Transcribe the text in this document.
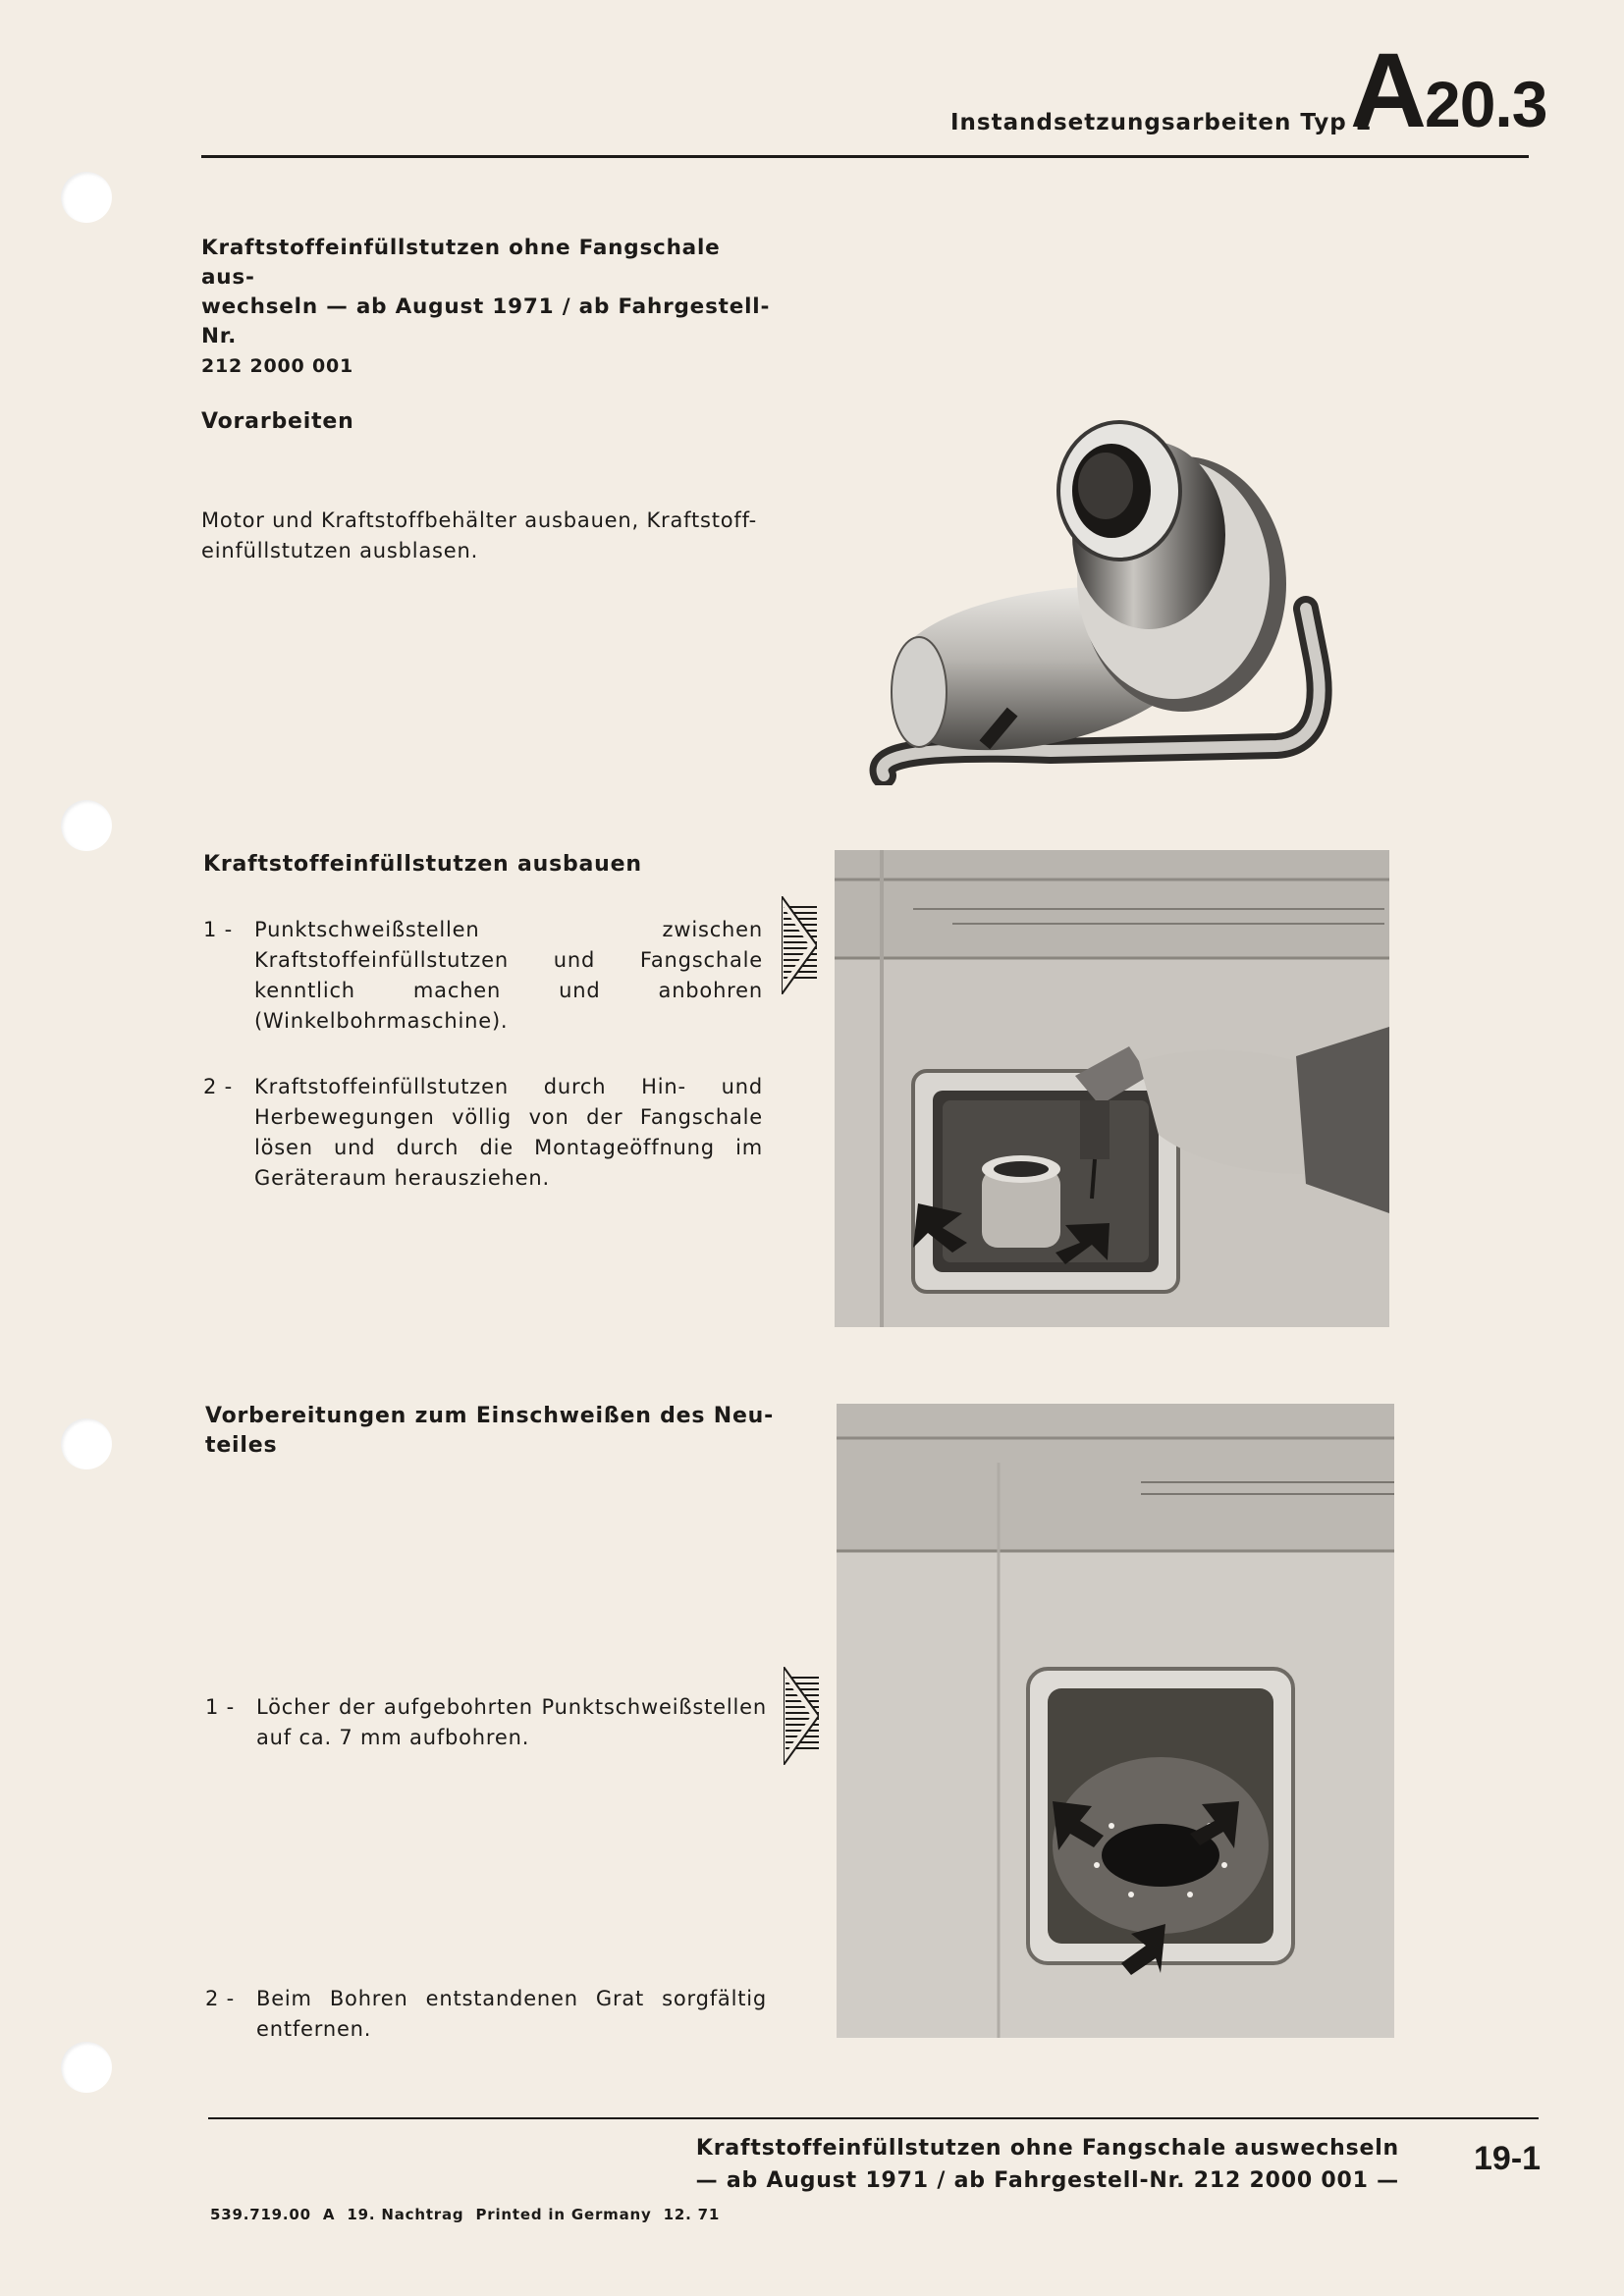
Instandsetzungsarbeiten Typ 2
A20.3
Kraftstoffeinfüllstutzen ohne Fangschale aus-
wechseln — ab August 1971 / ab Fahrgestell-Nr.
212 2000 001
Vorarbeiten
Motor und Kraftstoffbehälter ausbauen, Kraftstoff-
einfüllstutzen ausblasen.
Kraftstoffeinfüllstutzen ausbauen
1 -	Punktschweißstellen zwischen Kraftstoffeinfüllstutzen und Fangschale kenntlich machen und anbohren (Winkelbohrmaschine).
2 -	Kraftstoffeinfüllstutzen durch Hin- und Herbewegungen völlig von der Fangschale lösen und durch die Montageöffnung im Geräteraum herausziehen.
Vorbereitungen zum Einschweißen des Neu-
teiles
1 -	Löcher der aufgebohrten Punktschweißstellen auf ca. 7 mm aufbohren.
2 -	Beim Bohren entstandenen Grat sorgfältig entfernen.
Kraftstoffeinfüllstutzen ohne Fangschale auswechseln
— ab August 1971 / ab Fahrgestell-Nr. 212 2000 001 —
19-1
539.719.00  A  19. Nachtrag  Printed in Germany  12. 71
